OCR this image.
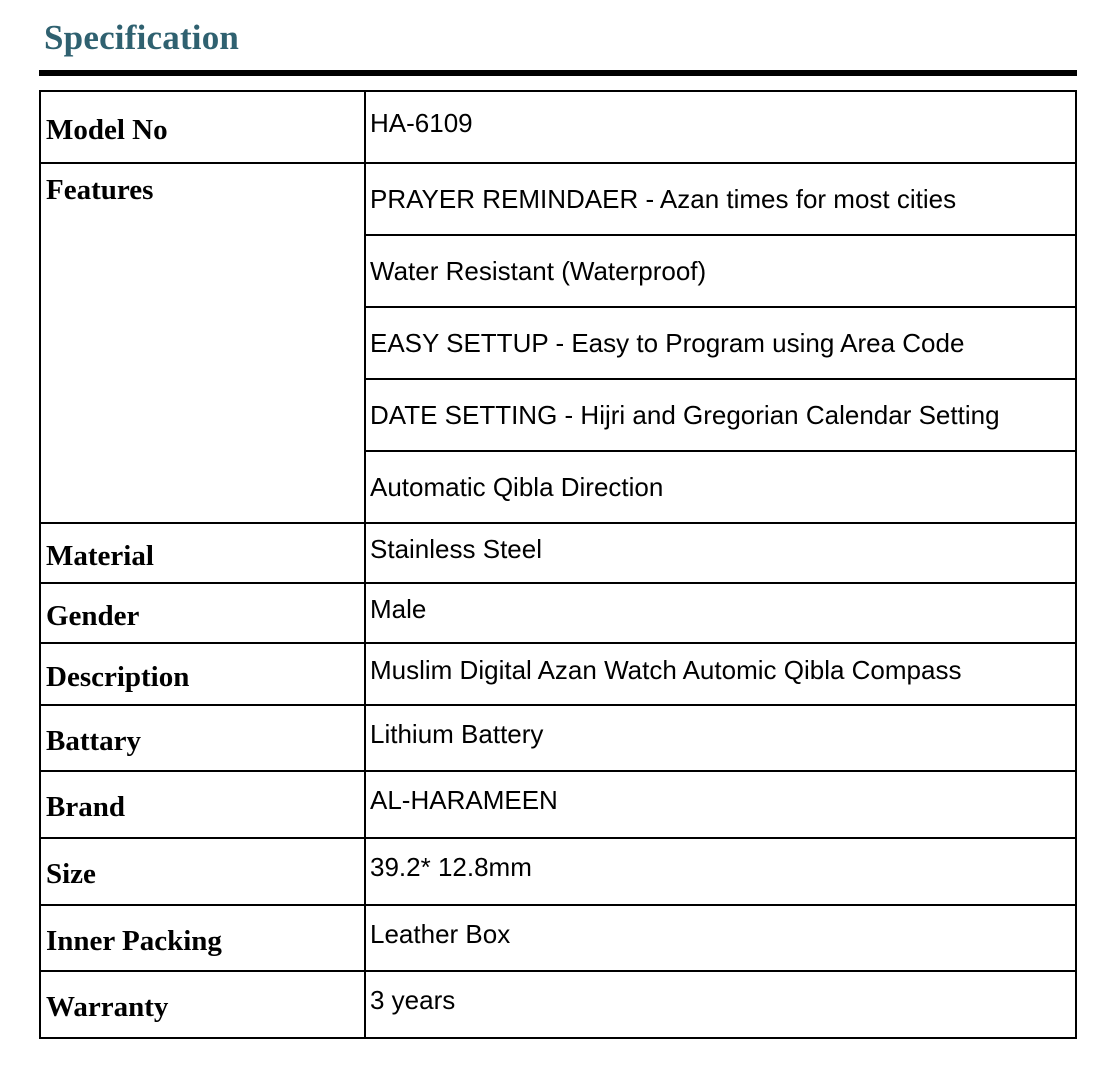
Specification
Model No	HA-6109
Features	PRAYER REMINDAER - Azan times for most cities
	Water Resistant (Waterproof)
	EASY SETTUP - Easy to Program using Area Code
	DATE SETTING - Hijri and Gregorian Calendar Setting
	Automatic Qibla Direction
Material	Stainless Steel
Gender	Male
Description	Muslim Digital Azan Watch Automic Qibla Compass
Battary	Lithium Battery
Brand	AL-HARAMEEN
Size	39.2* 12.8mm
Inner Packing	Leather Box
Warranty	3 years
